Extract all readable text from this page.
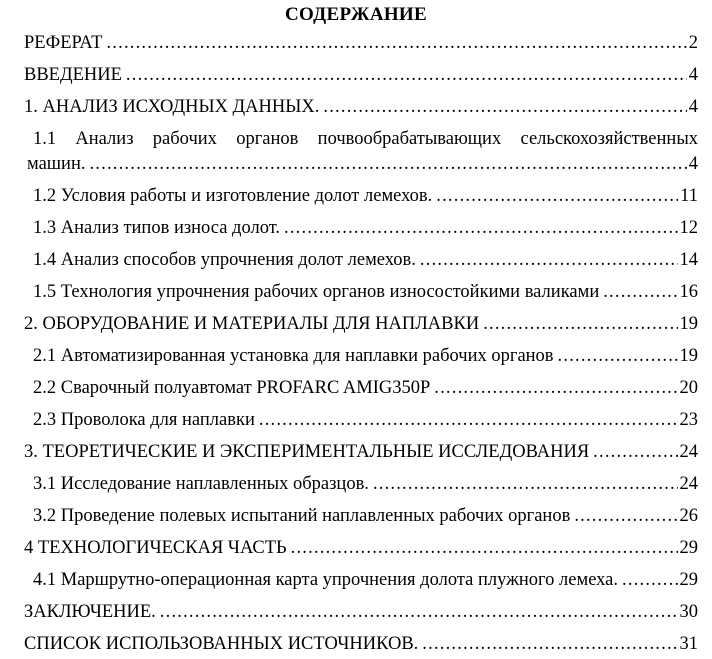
СОДЕРЖАНИЕ
РЕФЕРАТ .....	2
ВВЕДЕНИЕ .....	4
1. АНАЛИЗ ИСХОДНЫХ ДАННЫХ. .....	4
1.1 Анализ рабочих органов почвообрабатывающих сельскохозяйственных
машин. .....	4
1.2 Условия работы и изготовление долот лемехов. .....	11
1.3 Анализ типов износа долот. .....	12
1.4 Анализ способов упрочнения долот лемехов. .....	14
1.5 Технология упрочнения рабочих органов износостойкими валиками .....	16
2. ОБОРУДОВАНИЕ И МАТЕРИАЛЫ ДЛЯ НАПЛАВКИ .....	19
2.1 Автоматизированная установка для наплавки рабочих органов .....	19
2.2 Сварочный полуавтомат PROFARC AMIG350P .....	20
2.3 Проволока для наплавки .....	23
3. ТЕОРЕТИЧЕСКИЕ И ЭКСПЕРИМЕНТАЛЬНЫЕ ИССЛЕДОВАНИЯ .....	24
3.1 Исследование наплавленных образцов. .....	24
3.2 Проведение полевых испытаний наплавленных рабочих органов .....	26
4 ТЕХНОЛОГИЧЕСКАЯ ЧАСТЬ .....	29
4.1 Маршрутно-операционная карта упрочнения долота плужного лемеха. .....	29
ЗАКЛЮЧЕНИЕ. .....	30
СПИСОК ИСПОЛЬЗОВАННЫХ ИСТОЧНИКОВ. .....	31
